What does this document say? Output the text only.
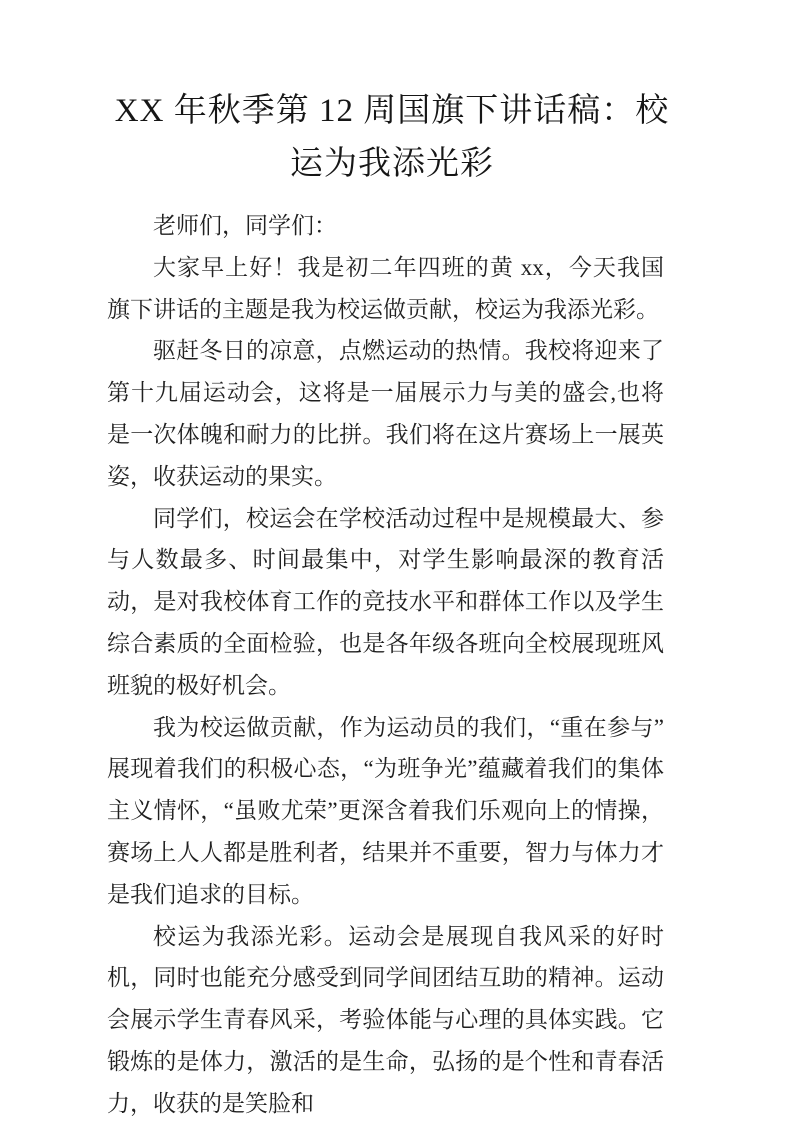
XX 年秋季第 12 周国旗下讲话稿：校运为我添光彩

老师们，同学们：

大家早上好！我是初二年四班的黄 xx，今天我国旗下讲话的主题是我为校运做贡献，校运为我添光彩。

驱赶冬日的凉意，点燃运动的热情。我校将迎来了第十九届运动会，这将是一届展示力与美的盛会,也将是一次体魄和耐力的比拼。我们将在这片赛场上一展英姿，收获运动的果实。

同学们，校运会在学校活动过程中是规模最大、参与人数最多、时间最集中，对学生影响最深的教育活动，是对我校体育工作的竞技水平和群体工作以及学生综合素质的全面检验，也是各年级各班向全校展现班风班貌的极好机会。

我为校运做贡献，作为运动员的我们，“重在参与”展现着我们的积极心态，“为班争光”蕴藏着我们的集体主义情怀，“虽败尤荣”更深含着我们乐观向上的情操，赛场上人人都是胜利者，结果并不重要，智力与体力才是我们追求的目标。

校运为我添光彩。运动会是展现自我风采的好时机，同时也能充分感受到同学间团结互助的精神。运动会展示学生青春风采，考验体能与心理的具体实践。它锻炼的是体力，激活的是生命，弘扬的是个性和青春活力，收获的是笑脸和
